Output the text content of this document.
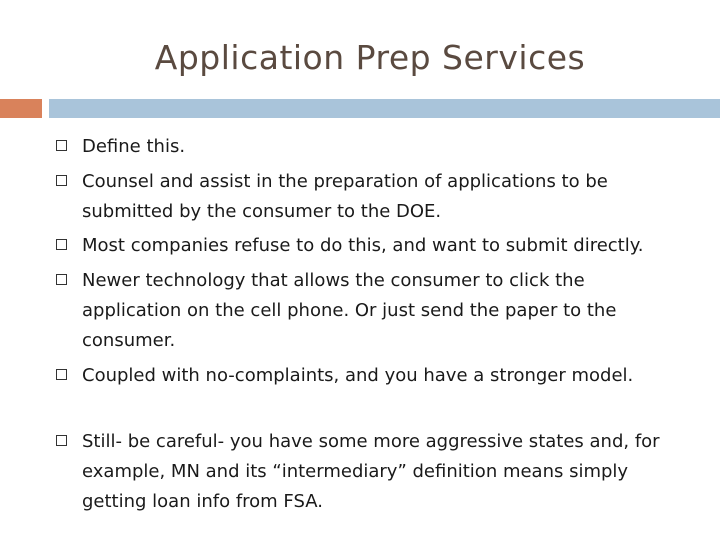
Application Prep Services
Define this.
Counsel and assist in the preparation of applications to be submitted by the consumer to the DOE.
Most companies refuse to do this, and want to submit directly.
Newer technology that allows the consumer to click the application on the cell phone. Or just send the paper to the consumer.
Coupled with no-complaints, and you have a stronger model.
Still- be careful- you have some more aggressive states and, for example, MN and its “intermediary” definition means simply getting loan info from FSA.
